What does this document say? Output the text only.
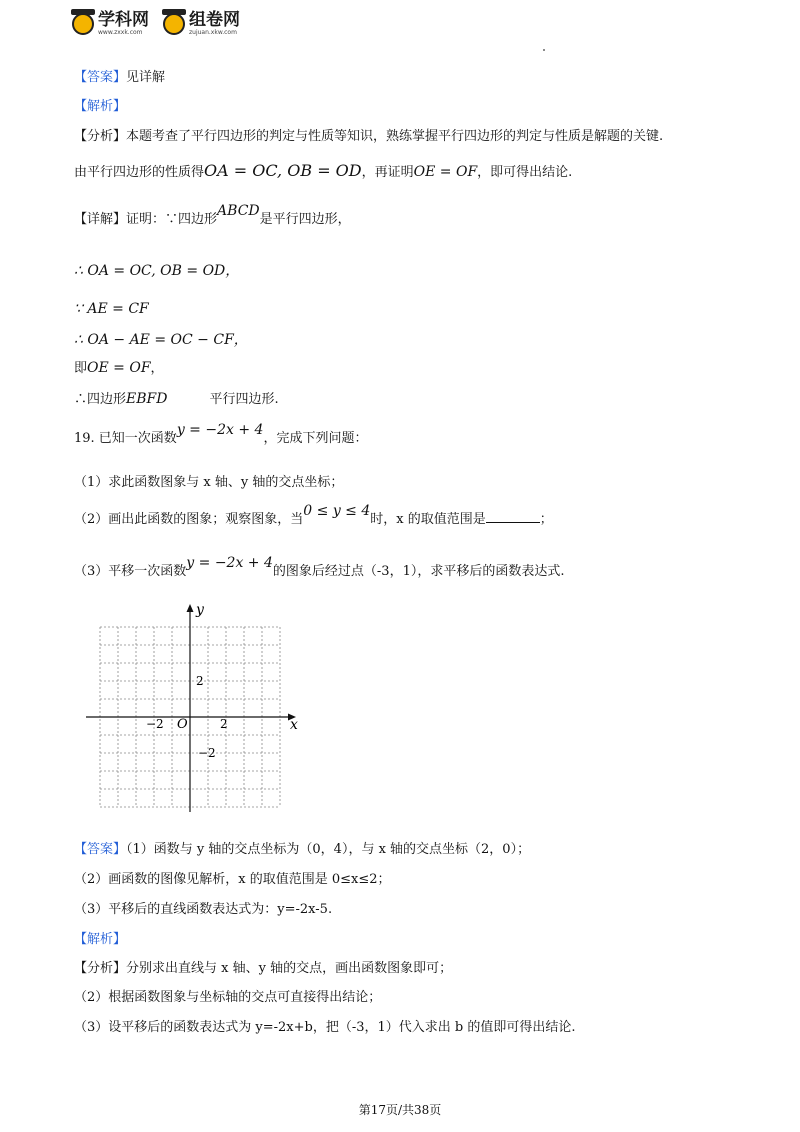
学科网
www.zxxk.com
组卷网
zujuan.xkw.com
【答案】见详解
【解析】
【分析】本题考查了平行四边形的判定与性质等知识，熟练掌握平行四边形的判定与性质是解题的关键.
由平行四边形的性质得OA = OC, OB = OD，再证明OE = OF，即可得出结论.
【详解】证明：∵四边形ABCD是平行四边形，
∴ OA = OC, OB = OD，
∵ AE = CF
∴ OA − AE = OC − CF，
即OE = OF，
∴四边形EBFD	平行四边形.
19. 已知一次函数y = −2x + 4，完成下列问题：
（1）求此函数图象与 x 轴、y 轴的交点坐标；
（2）画出此函数的图象；观察图象，当0 ≤ y ≤ 4时，x 的取值范围是	；
（3）平移一次函数y = −2x + 4的图象后经过点（-3，1），求平移后的函数表达式.
x
y
O
−2	2
2
−2
【答案】（1）函数与 y 轴的交点坐标为（0，4），与 x 轴的交点坐标（2，0）；
（2）画函数的图像见解析，x 的取值范围是 0≤x≤2；
（3）平移后的直线函数表达式为：y=-2x-5.
【解析】
【分析】分别求出直线与 x 轴、y 轴的交点，画出函数图象即可；
（2）根据函数图象与坐标轴的交点可直接得出结论；
（3）设平移后的函数表达式为 y=-2x+b，把（-3，1）代入求出 b 的值即可得出结论.
第17页/共38页
